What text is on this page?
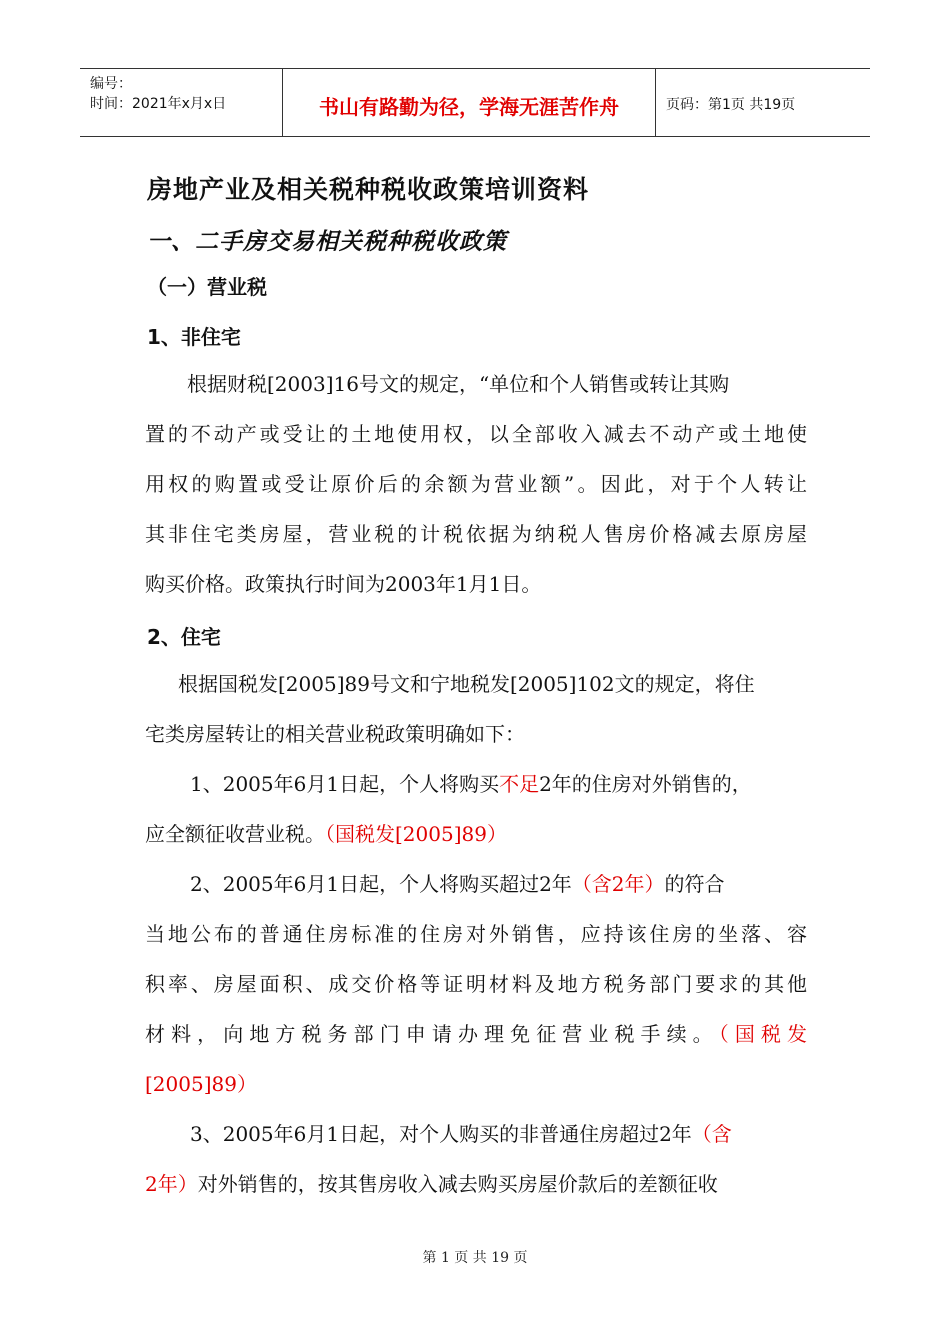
编号：
时间：2021年x月x日	书山有路勤为径，学海无涯苦作舟	页码：第1页 共19页
房地产业及相关税种税收政策培训资料
一、二手房交易相关税种税收政策
（一）营业税
1、非住宅
根据财税[2003]16号文的规定，“单位和个人销售或转让其购
置的不动产或受让的土地使用权，以全部收入减去不动产或土地使
用权的购置或受让原价后的余额为营业额”。因此，对于个人转让
其非住宅类房屋，营业税的计税依据为纳税人售房价格减去原房屋
购买价格。政策执行时间为2003年1月1日。
2、住宅
根据国税发[2005]89号文和宁地税发[2005]102文的规定，将住
宅类房屋转让的相关营业税政策明确如下：
1、2005年6月1日起，个人将购买不足2年的住房对外销售的，
应全额征收营业税。（国税发[2005]89）
2、2005年6月1日起，个人将购买超过2年（含2年）的符合
当地公布的普通住房标准的住房对外销售，应持该住房的坐落、容
积率、房屋面积、成交价格等证明材料及地方税务部门要求的其他
材料，向地方税务部门申请办理免征营业税手续。（国税发
[2005]89）
3、2005年6月1日起，对个人购买的非普通住房超过2年（含
2年）对外销售的，按其售房收入减去购买房屋价款后的差额征收
第 1 页 共 19 页
